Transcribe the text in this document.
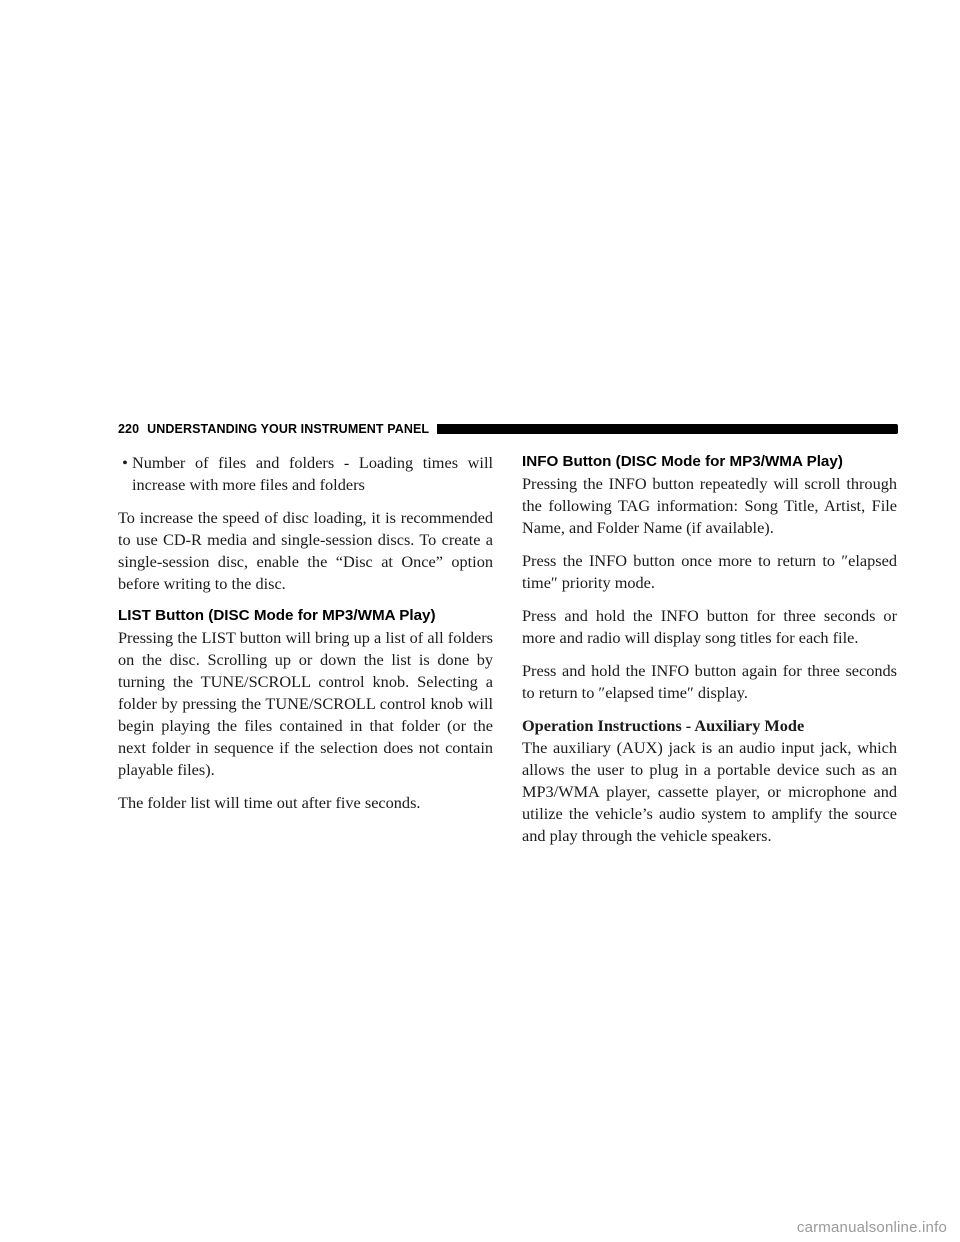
220 UNDERSTANDING YOUR INSTRUMENT PANEL
• Number of files and folders - Loading times will increase with more files and folders

To increase the speed of disc loading, it is recommended to use CD-R media and single-session discs. To create a single-session disc, enable the “Disc at Once” option before writing to the disc.

LIST Button (DISC Mode for MP3/WMA Play)

Pressing the LIST button will bring up a list of all folders on the disc. Scrolling up or down the list is done by turning the TUNE/SCROLL control knob. Selecting a folder by pressing the TUNE/SCROLL control knob will begin playing the files contained in that folder (or the next folder in sequence if the selection does not contain playable files).

The folder list will time out after five seconds.

INFO Button (DISC Mode for MP3/WMA Play)

Pressing the INFO button repeatedly will scroll through the following TAG information: Song Title, Artist, File Name, and Folder Name (if available).

Press the INFO button once more to return to ″elapsed time″ priority mode.

Press and hold the INFO button for three seconds or more and radio will display song titles for each file.

Press and hold the INFO button again for three seconds to return to ″elapsed time″ display.

Operation Instructions - Auxiliary Mode

The auxiliary (AUX) jack is an audio input jack, which allows the user to plug in a portable device such as an MP3/WMA player, cassette player, or microphone and utilize the vehicle’s audio system to amplify the source and play through the vehicle speakers.

carmanualsonline.info
